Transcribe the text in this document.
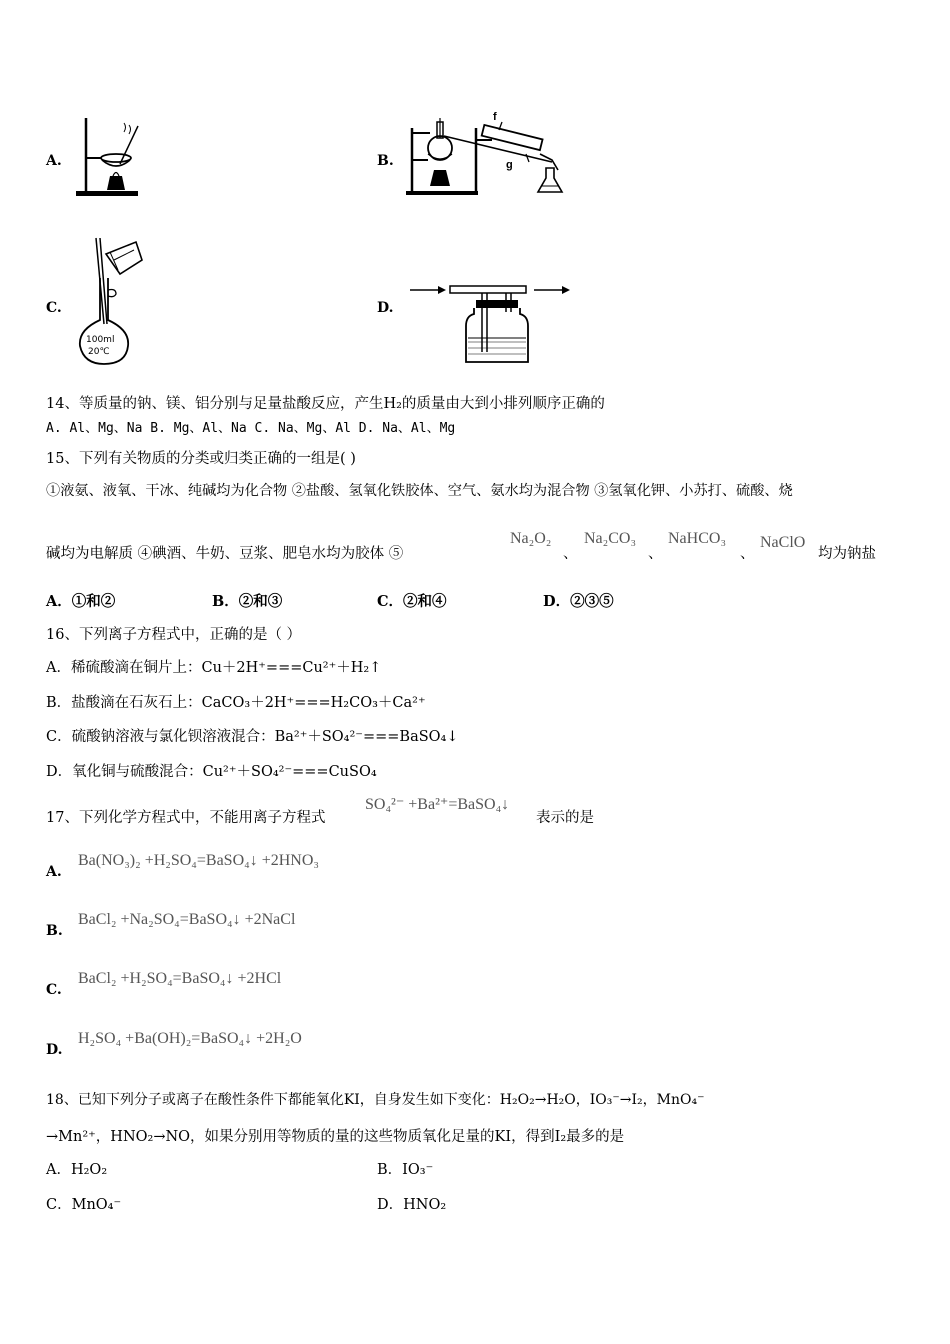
A.	B.
f
g
C.
100ml
20℃
D.
14、等质量的钠、镁、铝分别与足量盐酸反应，产生H₂的质量由大到小排列顺序正确的
A. Al、Mg、Na B. Mg、Al、Na C. Na、Mg、Al D. Na、Al、Mg
15、下列有关物质的分类或归类正确的一组是( )
①液氨、液氧、干冰、纯碱均为化合物 ②盐酸、氢氧化铁胶体、空气、氨水均为混合物 ③氢氧化钾、小苏打、硫酸、烧
碱均为电解质 ④碘酒、牛奶、豆浆、肥皂水均为胶体 ⑤
Na₂O₂
、
Na₂CO₃
、
NaHCO₃
、
NaClO
均为钠盐
A．①和②	B．②和③	C．②和④	D．②③⑤
16、下列离子方程式中，正确的是（ ）
A．稀硫酸滴在铜片上：Cu＋2H⁺===Cu²⁺＋H₂↑
B．盐酸滴在石灰石上：CaCO₃＋2H⁺===H₂CO₃＋Ca²⁺
C．硫酸钠溶液与氯化钡溶液混合：Ba²⁺＋SO₄²⁻===BaSO₄↓
D．氧化铜与硫酸混合：Cu²⁺＋SO₄²⁻===CuSO₄
17、下列化学方程式中，不能用离子方程式
SO₄²⁻ +Ba²⁺=BaSO₄↓
表示的是
A.
Ba(NO₃)₂ +H₂SO₄=BaSO₄↓ +2HNO₃
B.
BaCl₂ +Na₂SO₄=BaSO₄↓ +2NaCl
C.
BaCl₂ +H₂SO₄=BaSO₄↓ +2HCl
D.
H₂SO₄ +Ba(OH)₂=BaSO₄↓ +2H₂O
18、已知下列分子或离子在酸性条件下都能氧化KI，自身发生如下变化：H₂O₂→H₂O，IO₃⁻→I₂，MnO₄⁻
→Mn²⁺，HNO₂→NO，如果分别用等物质的量的这些物质氧化足量的KI，得到I₂最多的是
A．H₂O₂	B．IO₃⁻
C．MnO₄⁻	D．HNO₂
